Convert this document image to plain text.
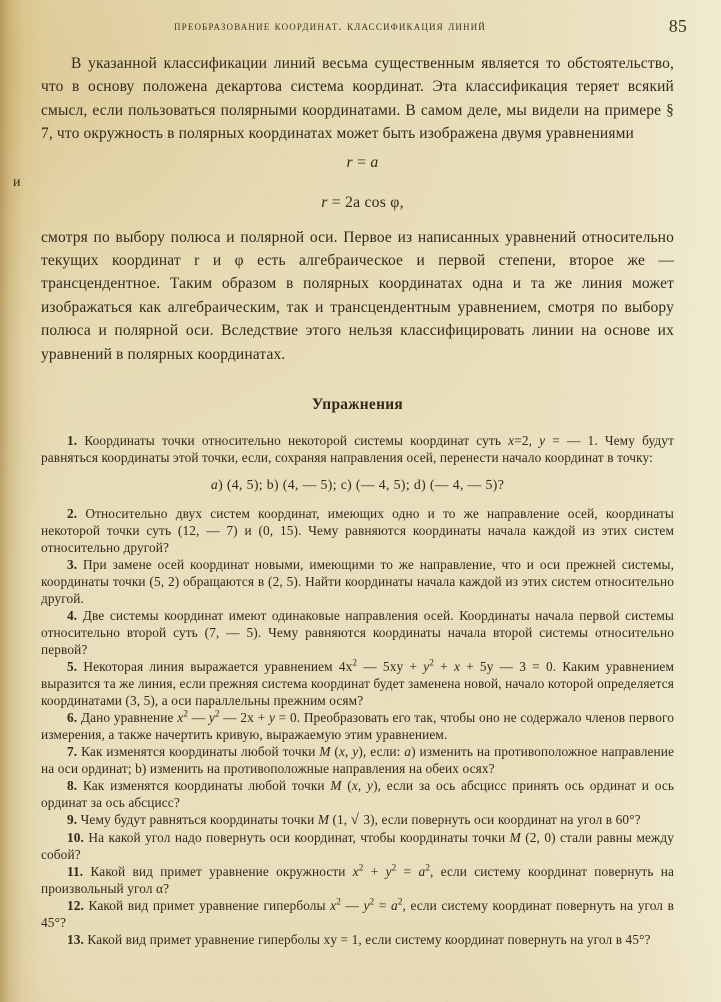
преобразование координат. классификация линий	85

В указанной классификации линий весьма существенным является то обстоятельство, что в основу положена декартова система координат. Эта классификация теряет всякий смысл, если пользоваться полярными координатами. В самом деле, мы видели на примере § 7, что окружность в полярных координатах может быть изображена двумя уравнениями

r = a
и
r = 2a cos φ,

смотря по выбору полюса и полярной оси. Первое из написанных уравнений относительно текущих координат r и φ есть алгебраическое и первой степени, второе же — трансцендентное. Таким образом в полярных координатах одна и та же линия может изображаться как алгебраическим, так и трансцендентным уравнением, смотря по выбору полюса и полярной оси. Вследствие этого нельзя классифицировать линии на основе их уравнений в полярных координатах.

Упражнения

1. Координаты точки относительно некоторой системы координат суть x=2, y = — 1. Чему будут равняться координаты этой точки, если, сохраняя направления осей, перенести начало координат в точку:

a) (4, 5); b) (4, — 5); c) (— 4, 5); d) (— 4, — 5)?

2. Относительно двух систем координат, имеющих одно и то же направление осей, координаты некоторой точки суть (12, — 7) и (0, 15). Чему равняются координаты начала каждой из этих систем относительно другой?

3. При замене осей координат новыми, имеющими то же направление, что и оси прежней системы, координаты точки (5, 2) обращаются в (2, 5). Найти координаты начала каждой из этих систем относительно другой.

4. Две системы координат имеют одинаковые направления осей. Координаты начала первой системы относительно второй суть (7, — 5). Чему равняются координаты начала второй системы относительно первой?

5. Некоторая линия выражается уравнением $4x^2$ — $5xy + y^2 + x + 5y$ — 3 = 0. Каким уравнением выразится та же линия, если прежняя система координат будет заменена новой, начало которой определяется координатами (3, 5), а оси параллельны прежним осям?

6. Дано уравнение $x^2$ — $y^2$ — 2x + y = 0. Преобразовать его так, чтобы оно не содержало членов первого измерения, а также начертить кривую, выражаемую этим уравнением.

7. Как изменятся координаты любой точки M (x, y), если: a) изменить на противоположное направление на оси ординат; b) изменить на противоположные направления на обеих осях?

8. Как изменятся координаты любой точки M (x, y), если за ось абсцисс принять ось ординат и ось ординат за ось абсцисс?

9. Чему будут равняться координаты точки M (1, √ 3), если повернуть оси координат на угол в 60°?

10. На какой угол надо повернуть оси координат, чтобы координаты точки M (2, 0) стали равны между собой?

11. Какой вид примет уравнение окружности $x^2 + y^2 = a^2$, если систему координат повернуть на произвольный угол α?

12. Какой вид примет уравнение гиперболы $x^2$ — $y^2 = a^2$, если систему координат повернуть на угол в 45°?

13. Какой вид примет уравнение гиперболы xy = 1, если систему координат повернуть на угол в 45°?
